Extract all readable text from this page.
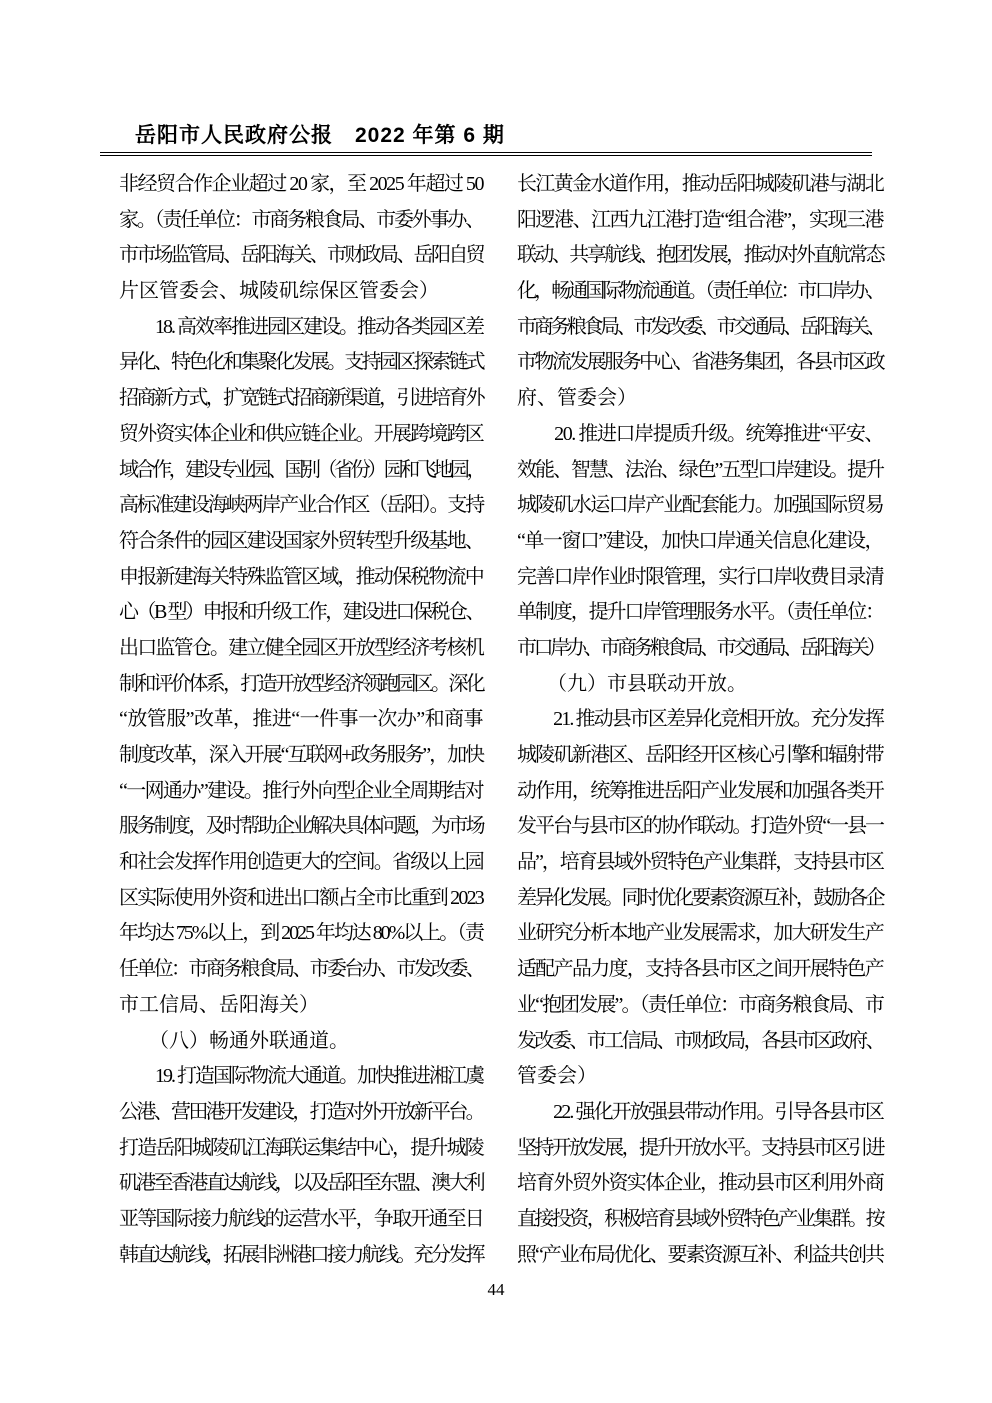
岳阳市人民政府公报　2022 年第 6 期
非经贸合作企业超过 20 家，至 2025 年超过 50
家。（责任单位：市商务粮食局、市委外事办、
市市场监管局、岳阳海关、市财政局、岳阳自贸
片区管委会、城陵矶综保区管委会）
　　18. 高效率推进园区建设。推动各类园区差
异化、特色化和集聚化发展。支持园区探索链式
招商新方式，扩宽链式招商新渠道，引进培育外
贸外资实体企业和供应链企业。开展跨境跨区
域合作，建设专业园、国别（省份）园和飞地园，
高标准建设海峡两岸产业合作区（岳阳）。支持
符合条件的园区建设国家外贸转型升级基地、
申报新建海关特殊监管区域，推动保税物流中
心（B 型）申报和升级工作，建设进口保税仓、
出口监管仓。建立健全园区开放型经济考核机
制和评价体系，打造开放型经济领跑园区。深化
“放管服”改革，推进“一件事一次办”和商事
制度改革，深入开展“互联网+政务服务”，加快
“一网通办”建设。推行外向型企业全周期结对
服务制度，及时帮助企业解决具体问题，为市场
和社会发挥作用创造更大的空间。省级以上园
区实际使用外资和进出口额占全市比重到 2023
年均达 75%以上，到 2025 年均达 80%以上。（责
任单位：市商务粮食局、市委台办、市发改委、
市工信局、岳阳海关）
　　（八）畅通外联通道。
　　19. 打造国际物流大通道。加快推进湘江虞
公港、营田港开发建设，打造对外开放新平台。
打造岳阳城陵矶江海联运集结中心，提升城陵
矶港至香港直达航线，以及岳阳至东盟、澳大利
亚等国际接力航线的运营水平，争取开通至日
韩直达航线，拓展非洲港口接力航线。充分发挥
长江黄金水道作用，推动岳阳城陵矶港与湖北
阳逻港、江西九江港打造“组合港”，实现三港
联动、共享航线、抱团发展，推动对外直航常态
化，畅通国际物流通道。（责任单位：市口岸办、
市商务粮食局、市发改委、市交通局、岳阳海关、
市物流发展服务中心、省港务集团，各县市区政
府、管委会）
　　20. 推进口岸提质升级。统筹推进“平安、
效能、智慧、法治、绿色”五型口岸建设。提升
城陵矶水运口岸产业配套能力。加强国际贸易
“单一窗口”建设，加快口岸通关信息化建设，
完善口岸作业时限管理，实行口岸收费目录清
单制度，提升口岸管理服务水平。（责任单位：
市口岸办、市商务粮食局、市交通局、岳阳海关）
　　（九）市县联动开放。
　　21. 推动县市区差异化竞相开放。充分发挥
城陵矶新港区、岳阳经开区核心引擎和辐射带
动作用，统筹推进岳阳产业发展和加强各类开
发平台与县市区的协作联动。打造外贸“一县一
品”，培育县域外贸特色产业集群，支持县市区
差异化发展。同时优化要素资源互补，鼓励各企
业研究分析本地产业发展需求，加大研发生产
适配产品力度，支持各县市区之间开展特色产
业“抱团发展”。（责任单位：市商务粮食局、市
发改委、市工信局、市财政局，各县市区政府、
管委会）
　　22. 强化开放强县带动作用。引导各县市区
坚持开放发展，提升开放水平。支持县市区引进
培育外贸外资实体企业，推动县市区利用外商
直接投资，积极培育县域外贸特色产业集群。按
照“产业布局优化、要素资源互补、利益共创共
44
